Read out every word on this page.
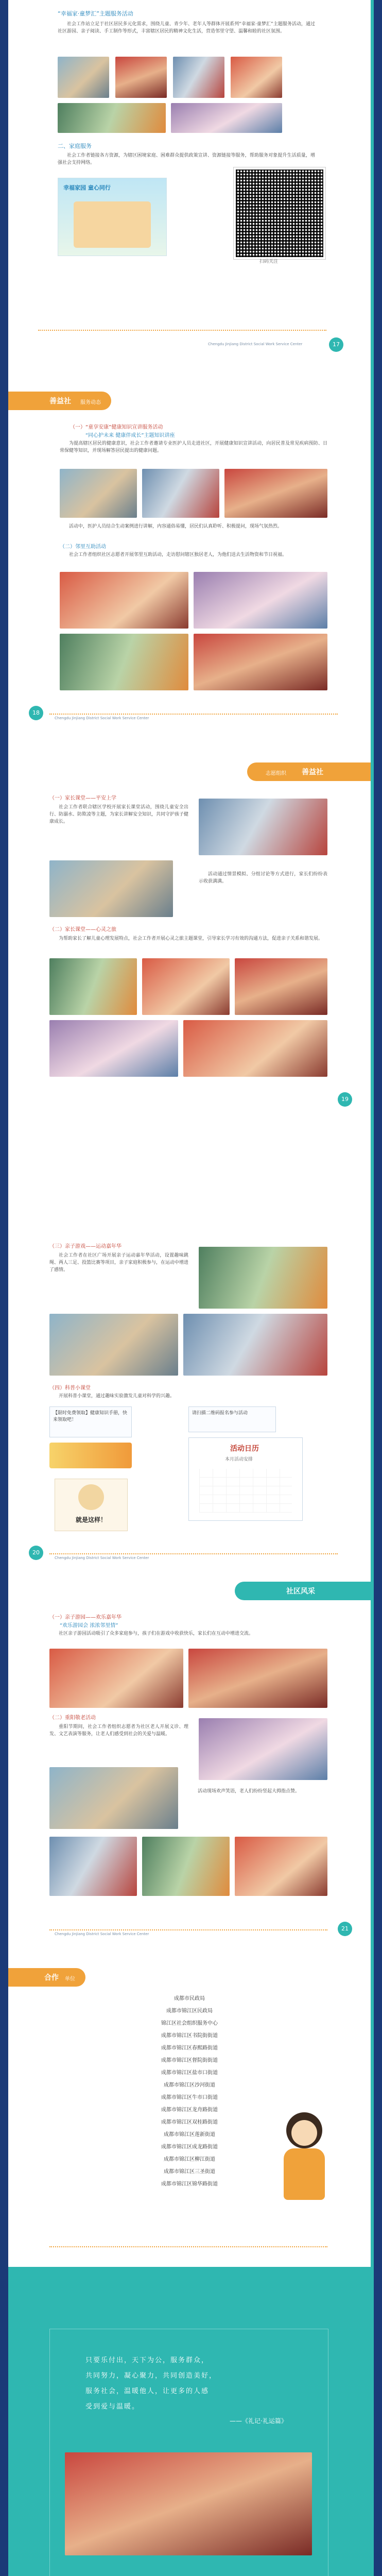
“幸福家·童梦汇”主题服务活动
社会工作站立足于社区居民多元化需求，围绕儿童、青少年、老年人等群体开展系列“幸福家·童梦汇”主题服务活动，通过社区游园、亲子阅读、手工制作等形式，丰富辖区居民的精神文化生活，营造邻里守望、温馨和睦的社区氛围。
二、家庭服务
社会工作者链接各方资源，为辖区困境家庭、困难群众提供政策宣讲、资源链接等服务，帮助服务对象提升生活质量，增强社会支持网络。
幸福家园 童心同行
扫码关注
Chengdu Jinjiang District Social Work Service Center	17
善益社 服务动态
（一）“童享安康”健康知识宣讲服务活动
“同心护未来 健康伴成长”主题知识讲座
为提高辖区居民的健康意识，社会工作者邀请专业医护人员走进社区，开展健康知识宣讲活动，向居民普及常见疾病预防、日常保健等知识，并现场解答居民提出的健康问题。
活动中，医护人员结合生动案例进行讲解，内容通俗易懂，居民们认真聆听、积极提问，现场气氛热烈。
（二）邻里互助活动
社会工作者组织社区志愿者开展邻里互助活动，走访慰问辖区独居老人，为他们送去生活物资和节日祝福。
18
Chengdu Jinjiang District Social Work Service Center
志愿组织 善益社
（一）家长课堂——平安上学
社会工作者联合辖区学校开展家长课堂活动，围绕儿童安全出行、防溺水、防欺凌等主题，为家长讲解安全知识，共同守护孩子健康成长。
活动通过情景模拟、分组讨论等方式进行，家长们纷纷表示收获满满。
（二）家长课堂——心灵之旅
为帮助家长了解儿童心理发展特点，社会工作者开展心灵之旅主题课堂，引导家长学习有效的沟通方法，促进亲子关系和谐发展。
19
（三）亲子游戏——运动嘉年华
社会工作者在社区广场开展亲子运动嘉年华活动，设置趣味跳绳、两人三足、投篮比赛等项目，亲子家庭积极参与，在运动中增进了感情。
（四）科普小课堂
开展科普小课堂，通过趣味实验激发儿童对科学的兴趣。
【限时免费领取】健康知识手册，快来领取吧！
请扫描二维码报名参与活动
活动日历
本月活动安排
就是这样！
20
Chengdu Jinjiang District Social Work Service Center
社区风采
（一）亲子游园——欢乐嘉年华
“欢乐游园会 浓浓邻里情”
社区亲子游园活动吸引了众多家庭参与，孩子们在游戏中收获快乐，家长们在互动中增进交流。
（二）重阳敬老活动
重阳节期间，社会工作者组织志愿者为社区老人开展义诊、理发、文艺表演等服务，让老人们感受到社会的关爱与温暖。
活动现场欢声笑语，老人们纷纷竖起大拇指点赞。
21
Chengdu Jinjiang District Social Work Service Center
合作 单位
成都市民政局
成都市锦江区民政局
锦江区社会组织服务中心
成都市锦江区书院街街道
成都市锦江区春熙路街道
成都市锦江区督院街街道
成都市锦江区盐市口街道
成都市锦江区沙河街道
成都市锦江区牛市口街道
成都市锦江区龙舟路街道
成都市锦江区双桂路街道
成都市锦江区莲新街道
成都市锦江区成龙路街道
成都市锦江区柳江街道
成都市锦江区三圣街道
成都市锦江区锦华路街道
只要乐付出，天下为公，服务群众，
共同努力，凝心聚力，共同创造美好，
服务社会，温暖他人，让更多的人感
受到爱与温暖。
——《礼记·礼运篇》
